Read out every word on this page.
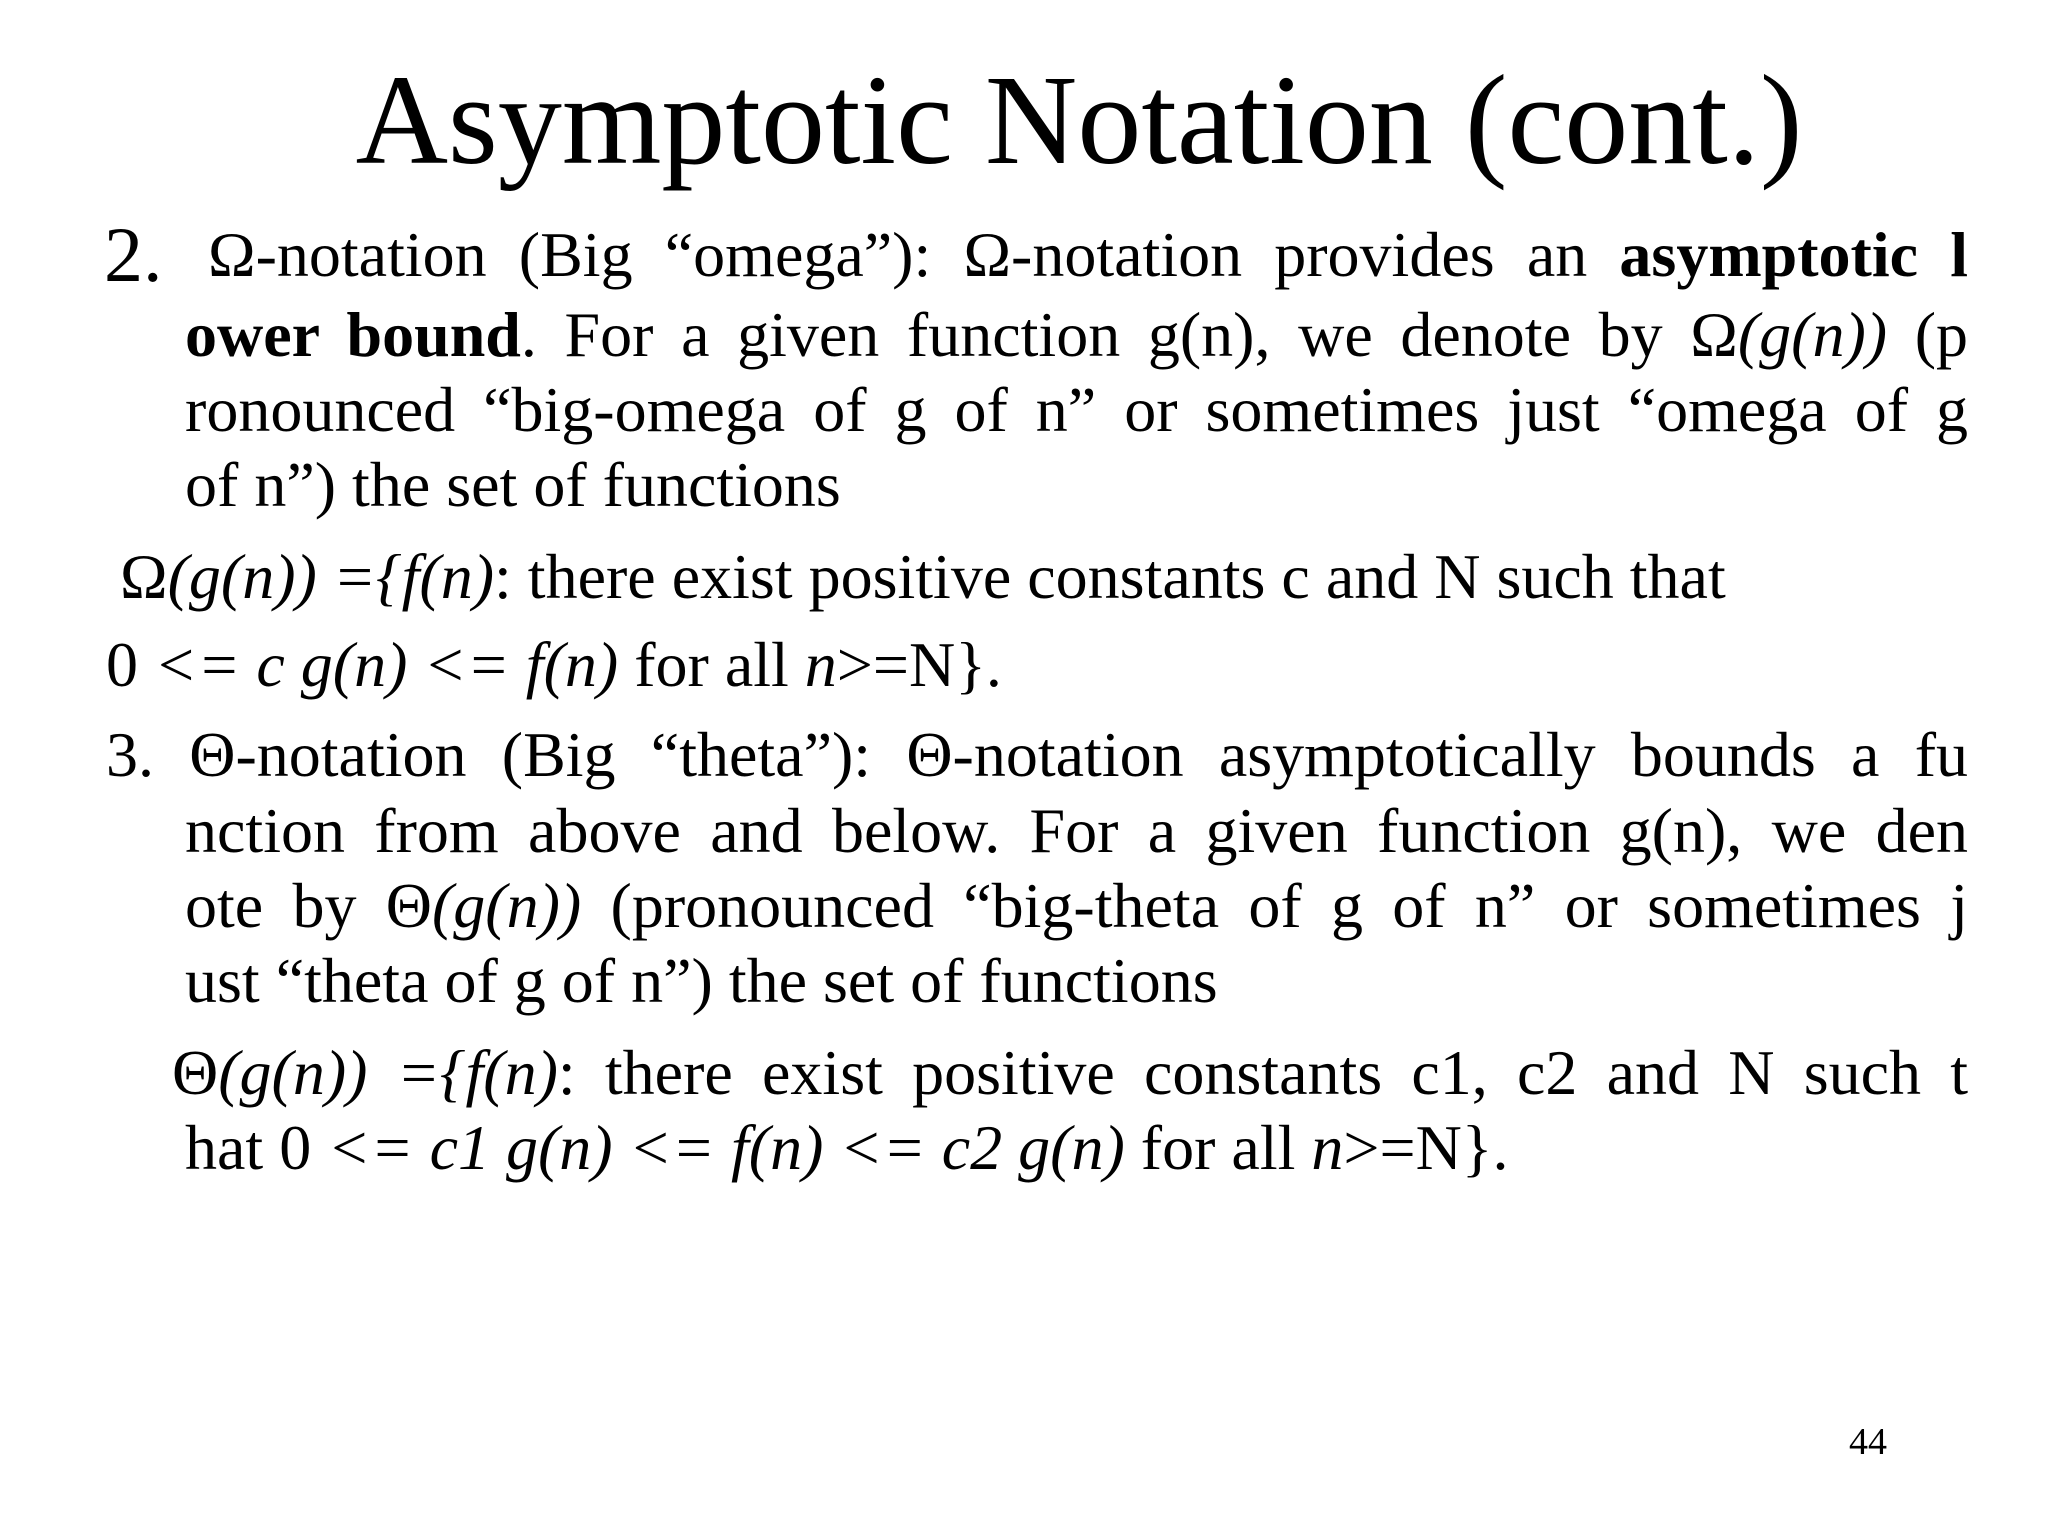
Asymptotic Notation (cont.)
2. Ω-notation (Big “omega”): Ω-notation provides an asymptotic l
ower bound. For a given function g(n), we denote by Ω(g(n)) (p
ronounced “big-omega of g of n” or sometimes just “omega of g
of n”) the set of functions
Ω(g(n)) ={f(n): there exist positive constants c and N such that
0 <= c g(n) <= f(n) for all n>=N}.
3. Θ-notation (Big “theta”): Θ-notation asymptotically bounds a fu
nction from above and below. For a given function g(n), we den
ote by Θ(g(n)) (pronounced “big-theta of g of n” or sometimes j
ust “theta of g of n”) the set of functions
Θ(g(n)) ={f(n): there exist positive constants c1, c2 and N such t
hat 0 <= c1 g(n) <= f(n) <= c2 g(n) for all n>=N}.
44
